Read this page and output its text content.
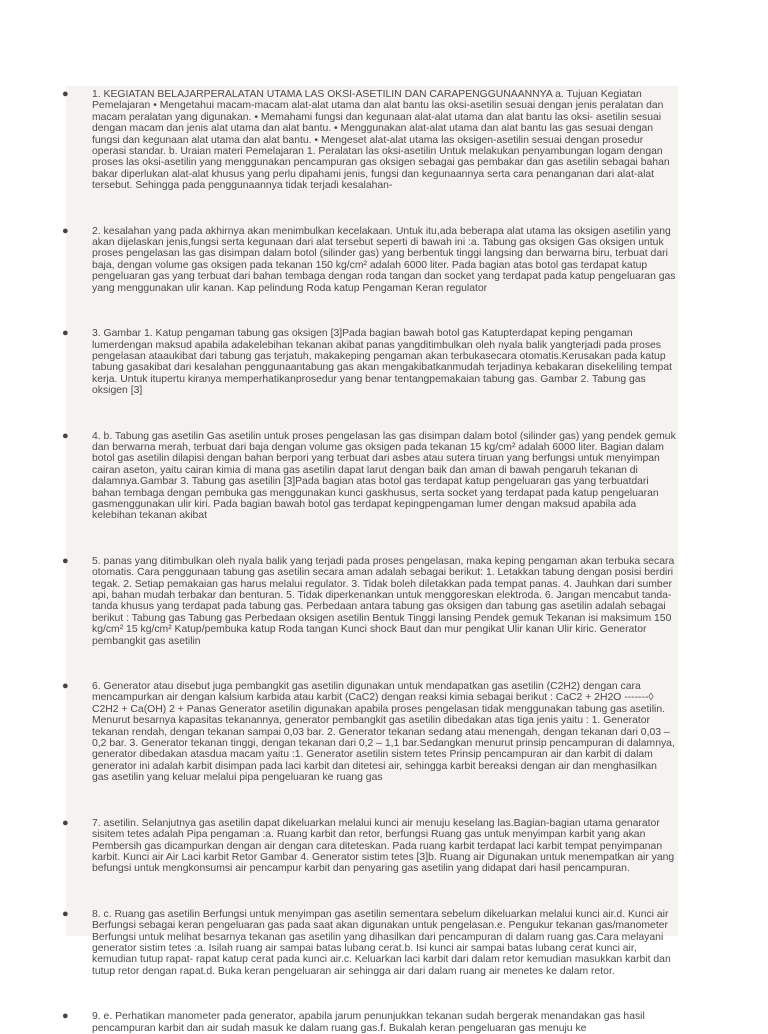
● 1. KEGIATAN BELAJARPERALATAN UTAMA LAS OKSI-ASETILIN DAN CARAPENGGUNAANNYA a. Tujuan Kegiatan Pemelajaran • Mengetahui macam-macam alat-alat utama dan alat bantu las oksi-asetilin sesuai dengan jenis peralatan dan macam peralatan yang digunakan. • Memahami fungsi dan kegunaan alat-alat utama dan alat bantu las oksi- asetilin sesuai dengan macam dan jenis alat utama dan alat bantu. • Menggunakan alat-alat utama dan alat bantu las gas sesuai dengan fungsi dan kegunaan alat utama dan alat bantu. • Mengeset alat-alat utama las oksigen-asetilin sesuai dengan prosedur operasi standar. b. Uraian materi Pemelajaran 1. Peralatan las oksi-asetilin Untuk melakukan penyambungan logam dengan proses las oksi-asetilin yang menggunakan pencampuran gas oksigen sebagai gas pembakar dan gas asetilin sebagai bahan bakar diperlukan alat-alat khusus yang perlu dipahami jenis, fungsi dan kegunaannya serta cara penanganan dari alat-alat tersebut. Sehingga pada penggunaannya tidak terjadi kesalahan-

● 2. kesalahan yang pada akhirnya akan menimbulkan kecelakaan. Untuk itu,ada beberapa alat utama las oksigen asetilin yang akan dijelaskan jenis,fungsi serta kegunaan dari alat tersebut seperti di bawah ini :a. Tabung gas oksigen Gas oksigen untuk proses pengelasan las gas disimpan dalam botol (silinder gas) yang berbentuk tinggi langsing dan berwarna biru, terbuat dari baja, dengan volume gas oksigen pada tekanan 150 kg/cm² adalah 6000 liter. Pada bagian atas botol gas terdapat katup pengeluaran gas yang terbuat dari bahan tembaga dengan roda tangan dan socket yang terdapat pada katup pengeluaran gas yang menggunakan ulir kanan. Kap pelindung Roda katup Pengaman Keran regulator

● 3. Gambar 1. Katup pengaman tabung gas oksigen [3]Pada bagian bawah botol gas Katupterdapat keping pengaman lumerdengan maksud apabila adakelebihan tekanan akibat panas yangditimbulkan oleh nyala balik yangterjadi pada proses pengelasan ataaukibat dari tabung gas terjatuh, makakeping pengaman akan terbukasecara otomatis.Kerusakan pada katup tabung gasakibat dari kesalahan penggunaantabung gas akan mengakibatkanmudah terjadinya kebakaran disekeliling tempat kerja. Untuk itupertu kiranya memperhatikanprosedur yang benar tentangpemakaian tabung gas. Gambar 2. Tabung gas oksigen [3]

● 4. b. Tabung gas asetilin Gas asetilin untuk proses pengelasan las gas disimpan dalam botol (silinder gas) yang pendek gemuk dan berwarna merah, terbuat dari baja dengan volume gas oksigen pada tekanan 15 kg/cm² adalah 6000 liter. Bagian dalam botol gas asetilin dilapisi dengan bahan berpori yang terbuat dari asbes atau sutera tiruan yang berfungsi untuk menyimpan cairan aseton, yaitu cairan kimia di mana gas asetilin dapat larut dengan baik dan aman di bawah pengaruh tekanan di dalamnya.Gambar 3. Tabung gas asetilin [3]Pada bagian atas botol gas terdapat katup pengeluaran gas yang terbuatdari bahan tembaga dengan pembuka gas menggunakan kunci gaskhusus, serta socket yang terdapat pada katup pengeluaran gasmenggunakan ulir kiri. Pada bagian bawah botol gas terdapat kepingpengaman lumer dengan maksud apabila ada kelebihan tekanan akibat

● 5. panas yang ditimbulkan oleh nyala balik yang terjadi pada proses pengelasan, maka keping pengaman akan terbuka secara otomatis. Cara penggunaan tabung gas asetilin secara aman adalah sebagai berikut: 1. Letakkan tabung dengan posisi berdiri tegak. 2. Setiap pemakaian gas harus melalui regulator. 3. Tidak boleh diletakkan pada tempat panas. 4. Jauhkan dari sumber api, bahan mudah terbakar dan benturan. 5. Tidak diperkenankan untuk menggoreskan elektroda. 6. Jangan mencabut tanda-tanda khusus yang terdapat pada tabung gas. Perbedaan antara tabung gas oksigen dan tabung gas asetilin adalah sebagai berikut : Tabung gas Tabung gas Perbedaan oksigen asetilin Bentuk Tinggi lansing Pendek gemuk Tekanan isi maksimum 150 kg/cm² 15 kg/cm² Katup/pembuka katup Roda tangan Kunci shock Baut dan mur pengikat Ulir kanan Ulir kiric. Generator pembangkit gas asetilin

● 6. Generator atau disebut juga pembangkit gas asetilin digunakan untuk mendapatkan gas asetilin (C2H2) dengan cara mencampurkan air dengan kalsium karbida atau karbit (CaC2) dengan reaksi kimia sebagai berikut : CaC2 + 2H2O -------◊ C2H2 + Ca(OH) 2 + Panas Generator asetilin digunakan apabila proses pengelasan tidak menggunakan tabung gas asetilin. Menurut besarnya kapasitas tekanannya, generator pembangkit gas asetilin dibedakan atas tiga jenis yaitu : 1. Generator tekanan rendah, dengan tekanan sampai 0,03 bar. 2. Generator tekanan sedang atau menengah, dengan tekanan dari 0,03 – 0,2 bar. 3. Generator tekanan tinggi, dengan tekanan dari 0,2 – 1,1 bar.Sedangkan menurut prinsip pencampuran di dalamnya, generator dibedakan atasdua macam yaitu :1. Generator asetilin sistem tetes Prinsip pencampuran air dan karbit di dalam generator ini adalah karbit disimpan pada laci karbit dan ditetesi air, sehingga karbit bereaksi dengan air dan menghasilkan gas asetilin yang keluar melalui pipa pengeluaran ke ruang gas

● 7. asetilin. Selanjutnya gas asetilin dapat dikeluarkan melalui kunci air menuju keselang las.Bagian-bagian utama genarator sisitem tetes adalah Pipa pengaman :a. Ruang karbit dan retor, berfungsi Ruang gas untuk menyimpan karbit yang akan Pembersih gas dicampurkan dengan air dengan cara diteteskan. Pada ruang karbit terdapat laci karbit tempat penyimpanan karbit. Kunci air Air Laci karbit Retor Gambar 4. Generator sistim tetes [3]b. Ruang air Digunakan untuk menempatkan air yang befungsi untuk mengkonsumsi air pencampur karbit dan penyaring gas asetilin yang didapat dari hasil pencampuran.

● 8. c. Ruang gas asetilin Berfungsi untuk menyimpan gas asetilin sementara sebelum dikeluarkan melalui kunci air.d. Kunci air Berfungsi sebagai keran pengeluaran gas pada saat akan digunakan untuk pengelasan.e. Pengukur tekanan gas/manometer Berfungsi untuk melihat besarnya tekanan gas asetilin yang dihasilkan dari pencampuran di dalam ruang gas.Cara melayani generator sistim tetes :a. Isilah ruang air sampai batas lubang cerat.b. Isi kunci air sampai batas lubang cerat kunci air, kemudian tutup rapat- rapat katup cerat pada kunci air.c. Keluarkan laci karbit dari dalam retor kemudian masukkan karbit dan tutup retor dengan rapat.d. Buka keran pengeluaran air sehingga air dari dalam ruang air menetes ke dalam retor.

● 9. e. Perhatikan manometer pada generator, apabila jarum penunjukkan tekanan sudah bergerak menandakan gas hasil pencampuran karbit dan air sudah masuk ke dalam ruang gas.f. Bukalah keran pengeluaran gas menuju ke
